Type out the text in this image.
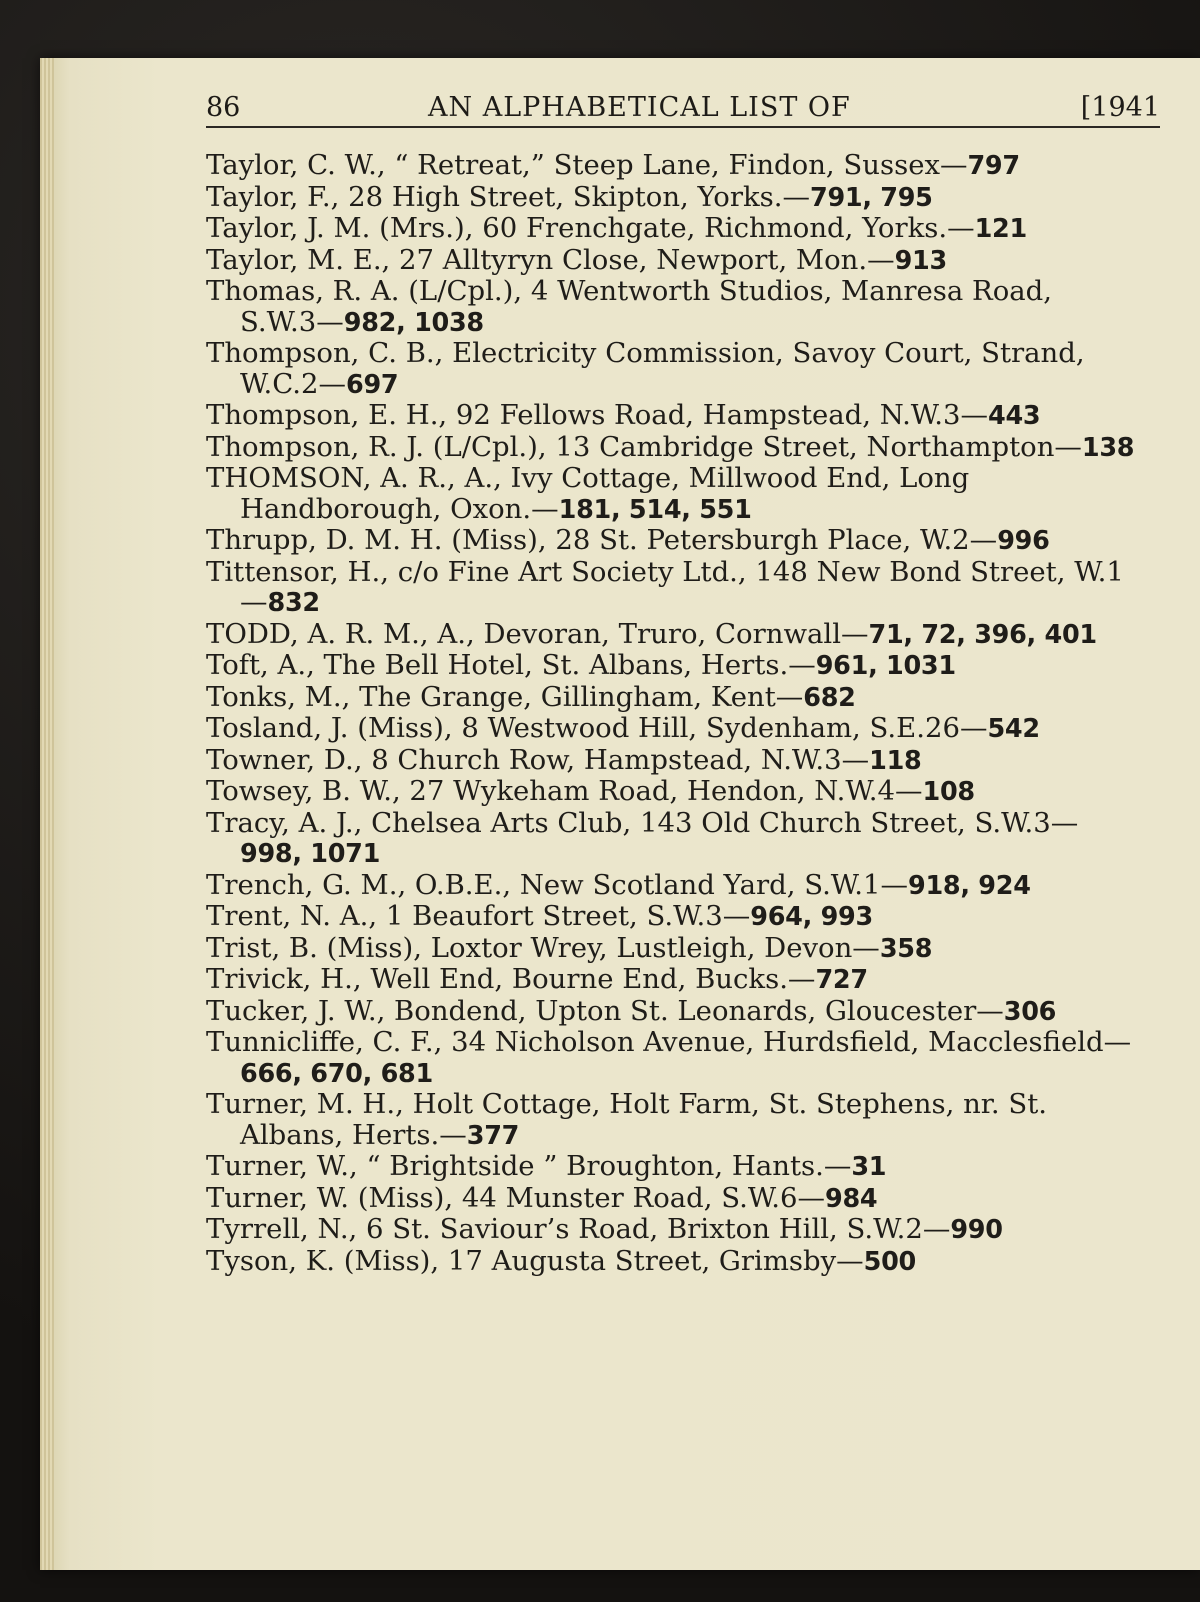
86	AN ALPHABETICAL LIST OF	[1941
Taylor, C. W., “ Retreat,” Steep Lane, Findon, Sussex—797
Taylor, F., 28 High Street, Skipton, Yorks.—791, 795
Taylor, J. M. (Mrs.), 60 Frenchgate, Richmond, Yorks.—121
Taylor, M. E., 27 Alltyryn Close, Newport, Mon.—913
Thomas, R. A. (L/Cpl.), 4 Wentworth Studios, Manresa Road, S.W.3—982, 1038
Thompson, C. B., Electricity Commission, Savoy Court, Strand, W.C.2—697
Thompson, E. H., 92 Fellows Road, Hampstead, N.W.3—443
Thompson, R. J. (L/Cpl.), 13 Cambridge Street, Northampton—138
THOMSON, A. R., A., Ivy Cottage, Millwood End, Long Handborough, Oxon.—181, 514, 551
Thrupp, D. M. H. (Miss), 28 St. Petersburgh Place, W.2—996
Tittensor, H., c/o Fine Art Society Ltd., 148 New Bond Street, W.1—832
TODD, A. R. M., A., Devoran, Truro, Cornwall—71, 72, 396, 401
Toft, A., The Bell Hotel, St. Albans, Herts.—961, 1031
Tonks, M., The Grange, Gillingham, Kent—682
Tosland, J. (Miss), 8 Westwood Hill, Sydenham, S.E.26—542
Towner, D., 8 Church Row, Hampstead, N.W.3—118
Towsey, B. W., 27 Wykeham Road, Hendon, N.W.4—108
Tracy, A. J., Chelsea Arts Club, 143 Old Church Street, S.W.3—998, 1071
Trench, G. M., O.B.E., New Scotland Yard, S.W.1—918, 924
Trent, N. A., 1 Beaufort Street, S.W.3—964, 993
Trist, B. (Miss), Loxtor Wrey, Lustleigh, Devon—358
Trivick, H., Well End, Bourne End, Bucks.—727
Tucker, J. W., Bondend, Upton St. Leonards, Gloucester—306
Tunnicliffe, C. F., 34 Nicholson Avenue, Hurdsfield, Macclesfield—666, 670, 681
Turner, M. H., Holt Cottage, Holt Farm, St. Stephens, nr. St. Albans, Herts.—377
Turner, W., “ Brightside ” Broughton, Hants.—31
Turner, W. (Miss), 44 Munster Road, S.W.6—984
Tyrrell, N., 6 St. Saviour’s Road, Brixton Hill, S.W.2—990
Tyson, K. (Miss), 17 Augusta Street, Grimsby—500
